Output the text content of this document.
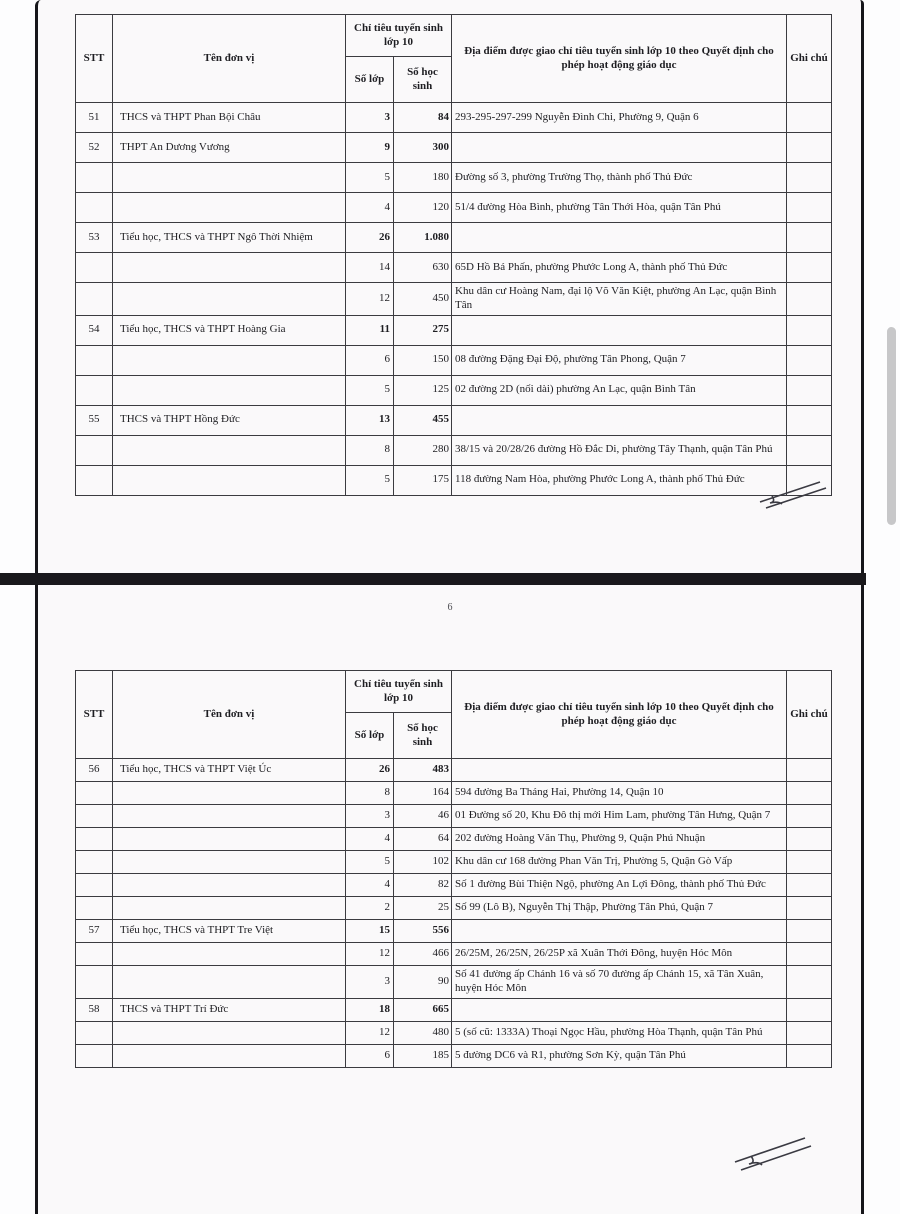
STT	Tên đơn vị	Chỉ tiêu tuyển sinh lớp 10		Địa điểm được giao chỉ tiêu tuyển sinh lớp 10 theo Quyết định cho phép hoạt động giáo dục	Ghi chú
		Số lớp	Số học sinh		
51	THCS và THPT Phan Bội Châu	3	84	293-295-297-299 Nguyễn Đình Chi, Phường 9, Quận 6	
52	THPT An Dương Vương	9	300		
		5	180	Đường số 3, phường Trường Thọ, thành phố Thủ Đức	
		4	120	51/4 đường Hòa Bình, phường Tân Thới Hòa, quận Tân Phú	
53	Tiểu học, THCS và THPT Ngô Thời Nhiệm	26	1.080		
		14	630	65D Hồ Bá Phấn, phường Phước Long A, thành phố Thủ Đức	
		12	450	Khu dân cư Hoàng Nam, đại lộ Võ Văn Kiệt, phường An Lạc, quận Bình Tân	
54	Tiểu học, THCS và THPT Hoàng Gia	11	275		
		6	150	08 đường Đặng Đại Độ, phường Tân Phong, Quận 7	
		5	125	02 đường 2D (nối dài) phường An Lạc, quận Bình Tân	
55	THCS và THPT Hồng Đức	13	455		
		8	280	38/15 và 20/28/26 đường Hồ Đắc Di, phường Tây Thạnh, quận Tân Phú	
		5	175	118 đường Nam Hòa, phường Phước Long A, thành phố Thủ Đức	
6
STT	Tên đơn vị	Chỉ tiêu tuyển sinh lớp 10		Địa điểm được giao chỉ tiêu tuyển sinh lớp 10 theo Quyết định cho phép hoạt động giáo dục	Ghi chú
		Số lớp	Số học sinh		
56	Tiểu học, THCS và THPT Việt Úc	26	483		
		8	164	594 đường Ba Tháng Hai, Phường 14, Quận 10	
		3	46	01 Đường số 20, Khu Đô thị mới Him Lam, phường Tân Hưng, Quận 7	
		4	64	202 đường Hoàng Văn Thụ, Phường 9, Quận Phú Nhuận	
		5	102	Khu dân cư 168 đường Phan Văn Trị, Phường 5, Quận Gò Vấp	
		4	82	Số 1 đường Bùi Thiện Ngộ, phường An Lợi Đông, thành phố Thủ Đức	
		2	25	Số 99 (Lô B), Nguyễn Thị Thập, Phường Tân Phú, Quận 7	
57	Tiểu học, THCS và THPT Tre Việt	15	556		
		12	466	26/25M, 26/25N, 26/25P xã Xuân Thới Đông, huyện Hóc Môn	
		3	90	Số 41 đường ấp Chánh 16 và số 70 đường ấp Chánh 15, xã Tân Xuân, huyện Hóc Môn	
58	THCS và THPT Trí Đức	18	665		
		12	480	5 (số cũ: 1333A) Thoại Ngọc Hầu, phường Hòa Thạnh, quận Tân Phú	
		6	185	5 đường DC6 và R1, phường Sơn Kỳ, quận Tân Phú	
